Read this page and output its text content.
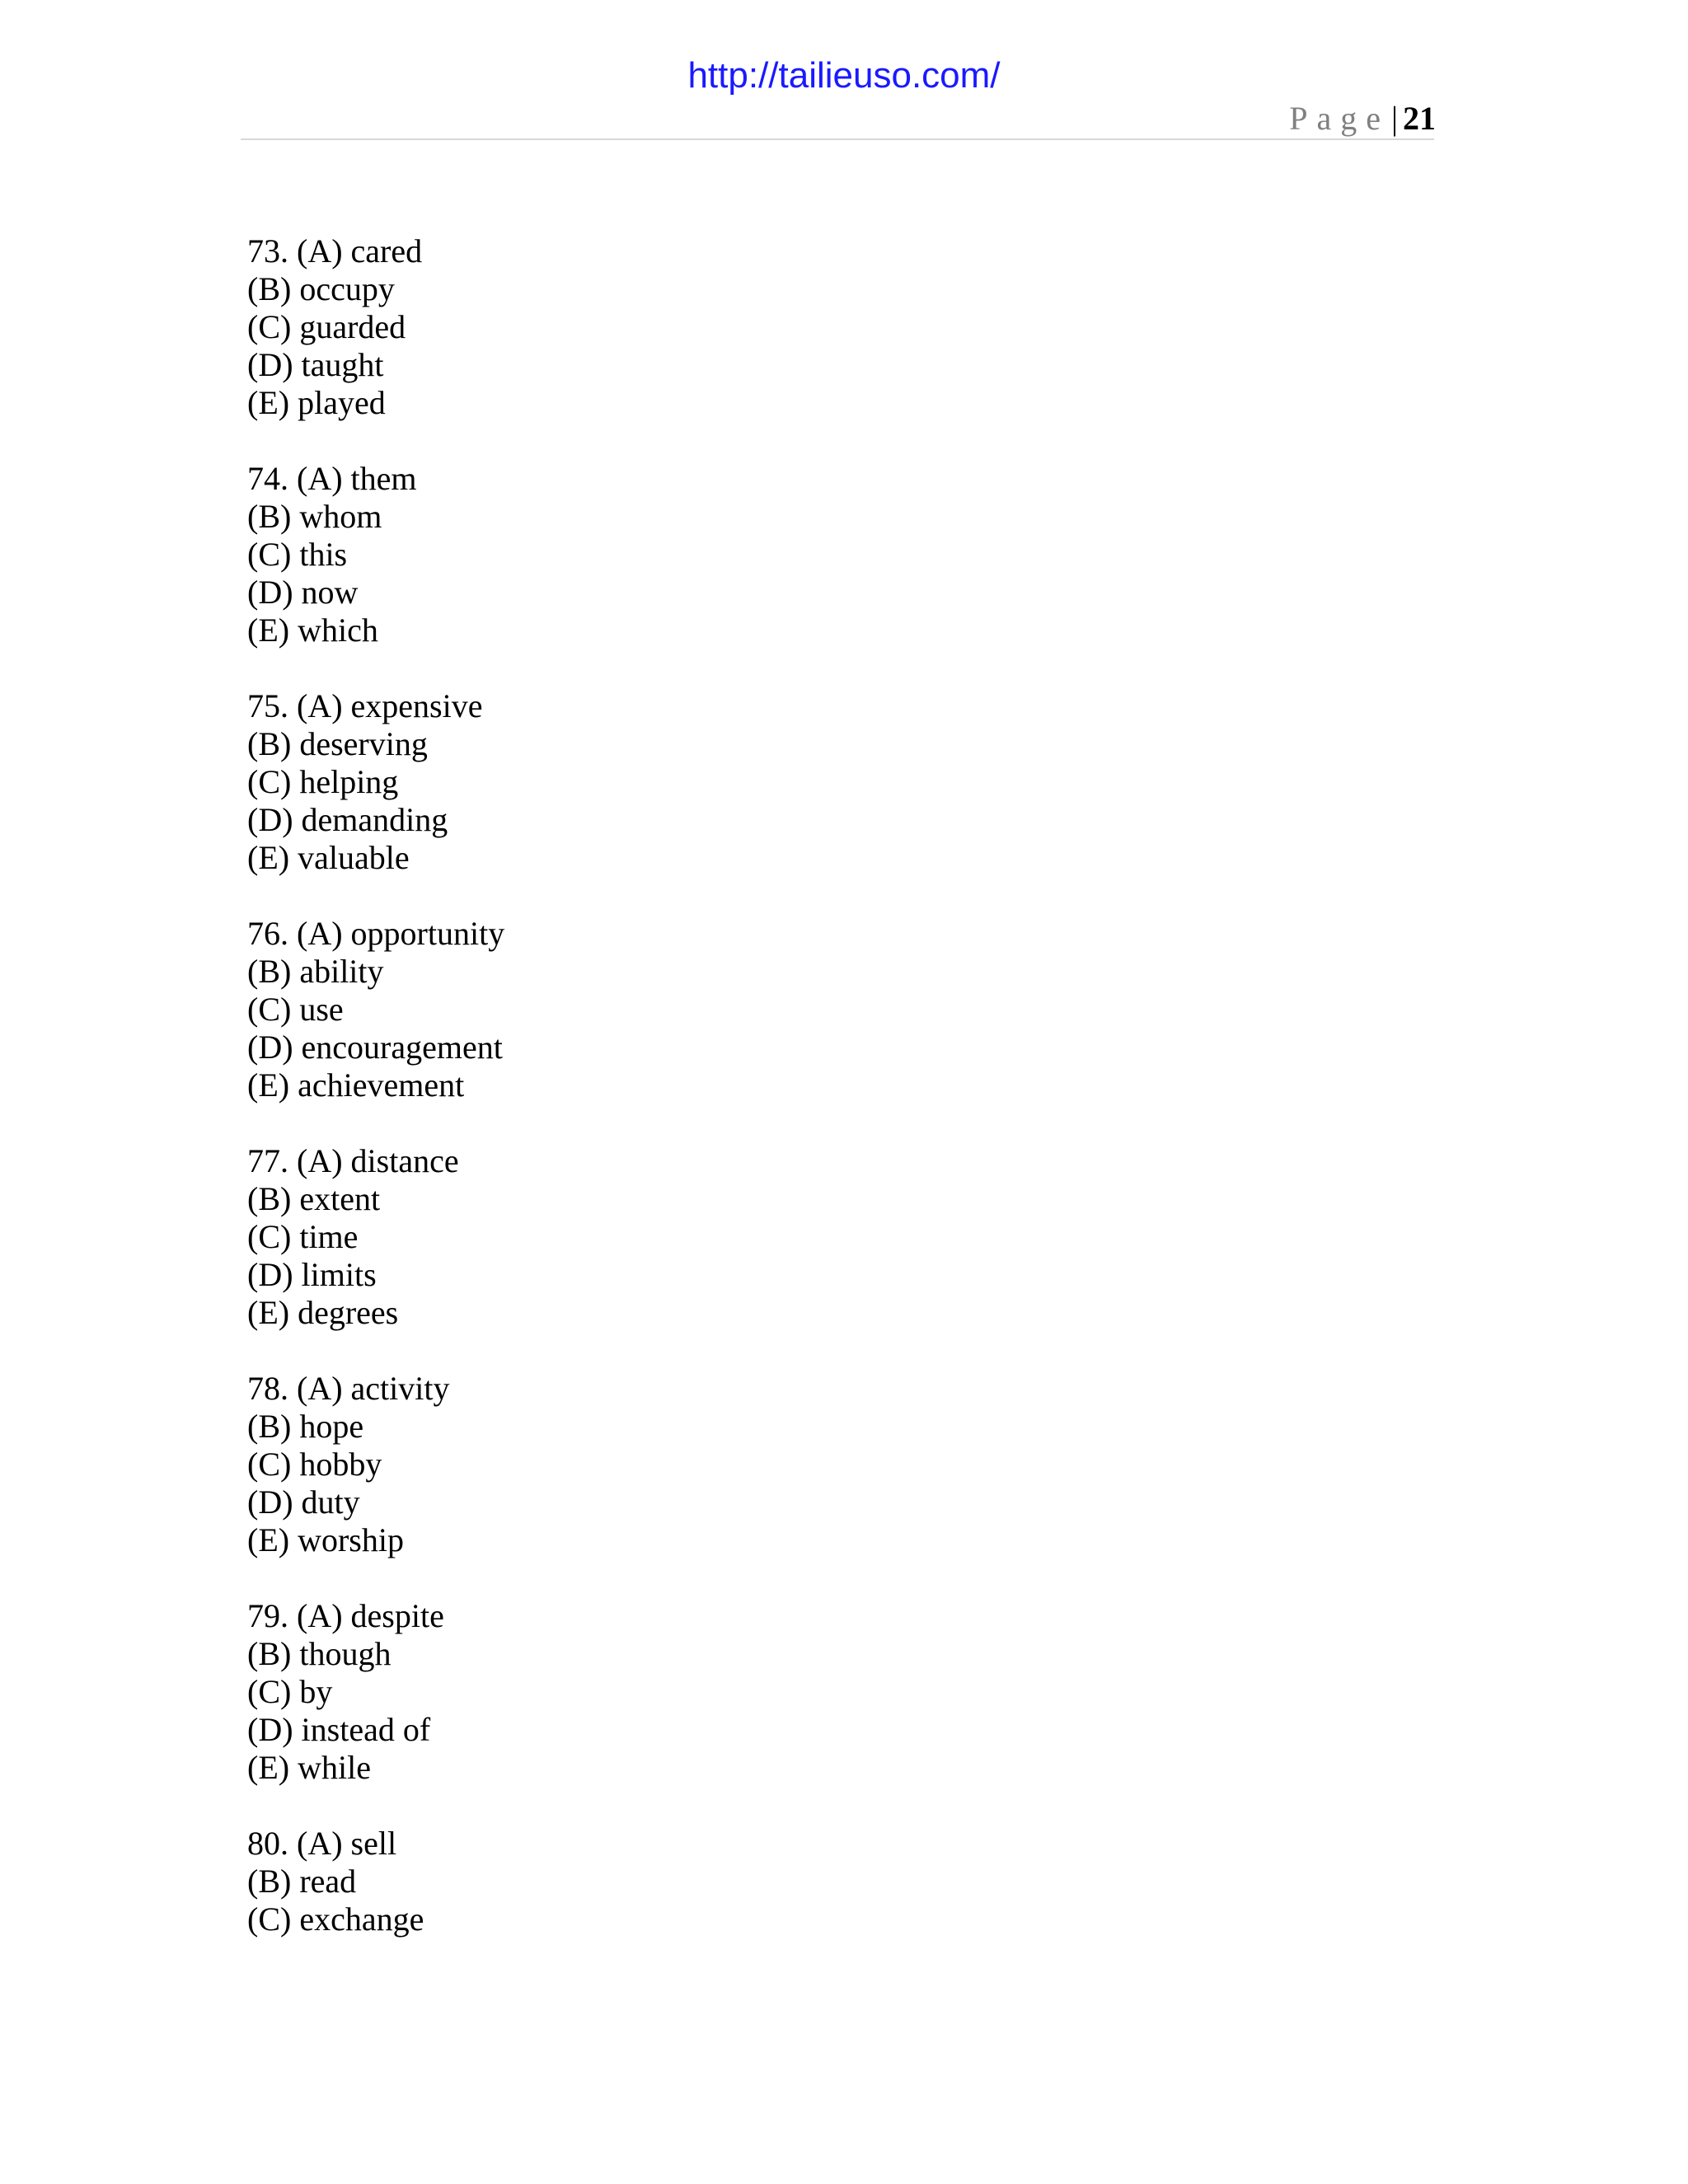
http://tailieuso.com/
Page| 21
73. (A) cared
(B) occupy
(C) guarded
(D) taught
(E) played
74. (A) them
(B) whom
(C) this
(D) now
(E) which
75. (A) expensive
(B) deserving
(C) helping
(D) demanding
(E) valuable
76. (A) opportunity
(B) ability
(C) use
(D) encouragement
(E) achievement
77. (A) distance
(B) extent
(C) time
(D) limits
(E) degrees
78. (A) activity
(B) hope
(C) hobby
(D) duty
(E) worship
79. (A) despite
(B) though
(C) by
(D) instead of
(E) while
80. (A) sell
(B) read
(C) exchange
